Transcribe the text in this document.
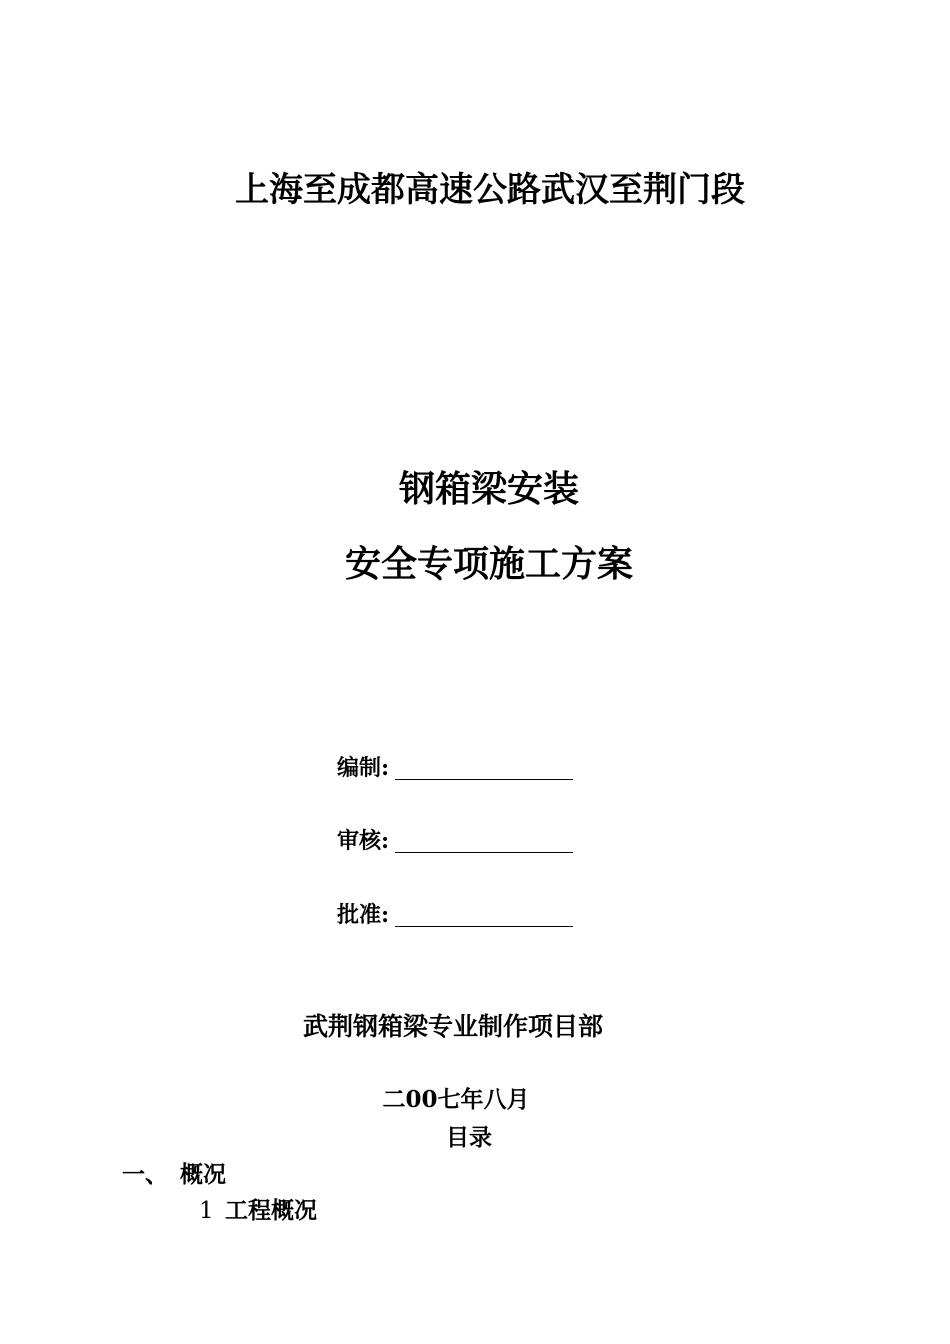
上海至成都高速公路武汉至荆门段
钢箱梁安装
安全专项施工方案
编制:
审核:
批准:
武荆钢箱梁专业制作项目部
二00七年八月
目录
一、 概况
1 工程概况
